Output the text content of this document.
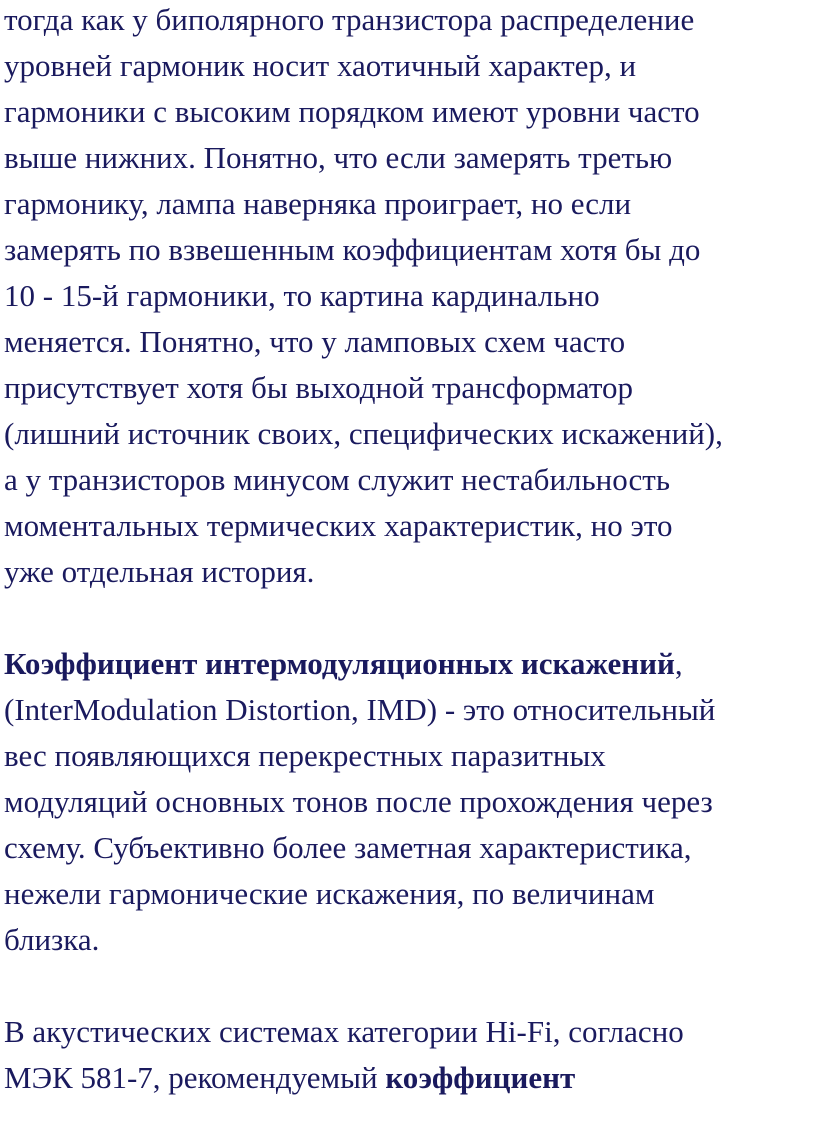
тогда как у биполярного транзистора распределение
уровней гармоник носит хаотичный характер, и
гармоники с высоким порядком имеют уровни часто
выше нижних. Понятно, что если замерять третью
гармонику, лампа наверняка проиграет, но если
замерять по взвешенным коэффициентам хотя бы до
10 - 15-й гармоники, то картина кардинально
меняется. Понятно, что у ламповых схем часто
присутствует хотя бы выходной трансформатор
(лишний источник своих, специфических искажений),
а у транзисторов минусом служит нестабильность
моментальных термических характеристик, но это
уже отдельная история.

Коэффициент интермодуляционных искажений,
(InterModulation Distortion, IMD) - это относительный
вес появляющихся перекрестных паразитных
модуляций основных тонов после прохождения через
схему. Субъективно более заметная характеристика,
нежели гармонические искажения, по величинам
близка.

В акустических системах категории Hi-Fi, согласно
МЭК 581-7, рекомендуемый коэффициент
